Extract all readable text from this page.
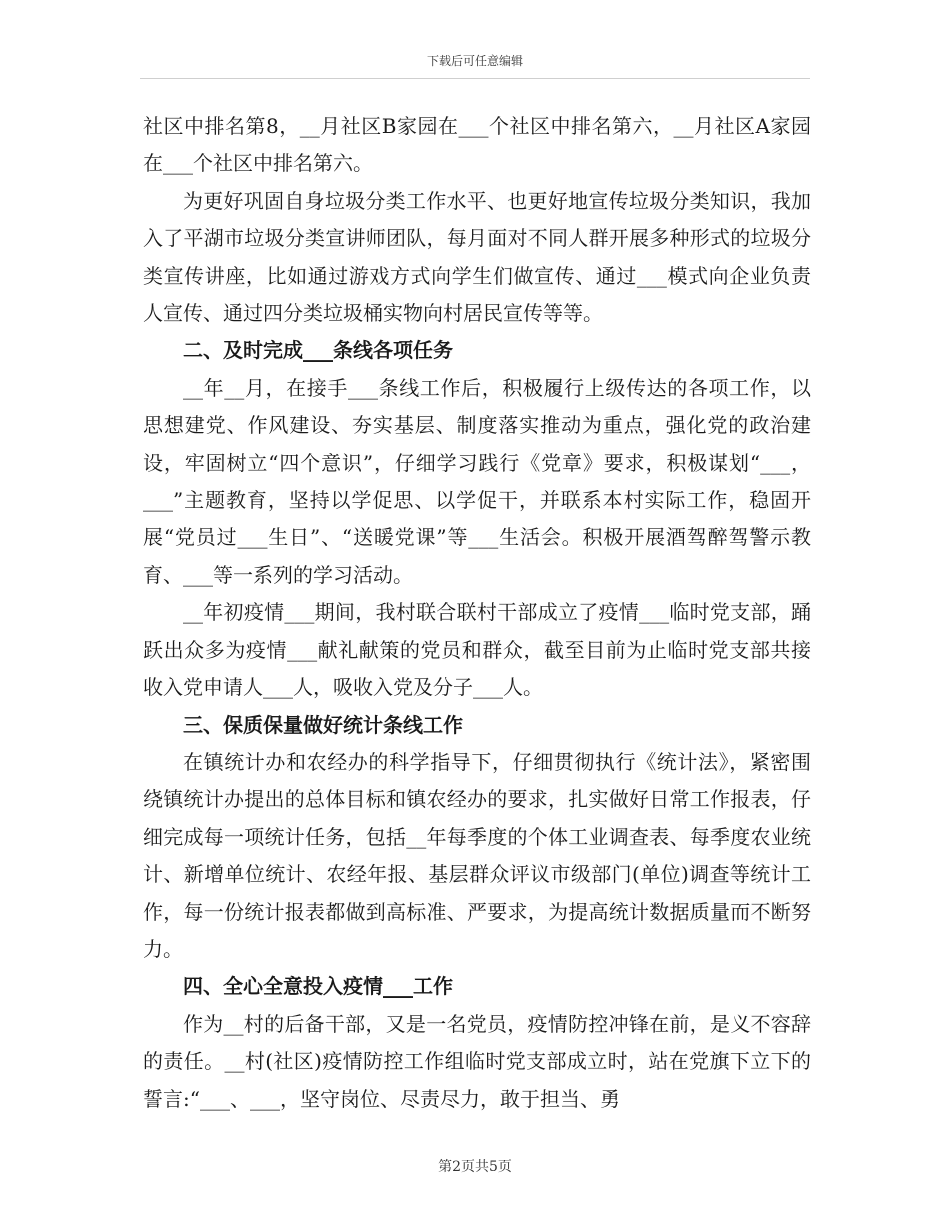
下载后可任意编辑

社区中排名第8，__月社区B家园在___个社区中排名第六，__月社区A家园在___个社区中排名第六。

为更好巩固自身垃圾分类工作水平、也更好地宣传垃圾分类知识，我加入了平湖市垃圾分类宣讲师团队，每月面对不同人群开展多种形式的垃圾分类宣传讲座，比如通过游戏方式向学生们做宣传、通过___模式向企业负责人宣传、通过四分类垃圾桶实物向村居民宣传等等。

二、及时完成___条线各项任务

__年__月，在接手___条线工作后，积极履行上级传达的各项工作，以思想建党、作风建设、夯实基层、制度落实推动为重点，强化党的政治建设，牢固树立“四个意识”，仔细学习践行《党章》要求，积极谋划“___，___”主题教育，坚持以学促思、以学促干，并联系本村实际工作，稳固开展“党员过___生日”、“送暖党课”等___生活会。积极开展酒驾醉驾警示教育、___等一系列的学习活动。

__年初疫情___期间，我村联合联村干部成立了疫情___临时党支部，踊跃出众多为疫情___献礼献策的党员和群众，截至目前为止临时党支部共接收入党申请人___人，吸收入党及分子___人。

三、保质保量做好统计条线工作

在镇统计办和农经办的科学指导下，仔细贯彻执行《统计法》，紧密围绕镇统计办提出的总体目标和镇农经办的要求，扎实做好日常工作报表，仔细完成每一项统计任务，包括__年每季度的个体工业调查表、每季度农业统计、新增单位统计、农经年报、基层群众评议市级部门(单位)调查等统计工作，每一份统计报表都做到高标准、严要求，为提高统计数据质量而不断努力。

四、全心全意投入疫情___工作

作为__村的后备干部，又是一名党员，疫情防控冲锋在前，是义不容辞的责任。__村(社区)疫情防控工作组临时党支部成立时，站在党旗下立下的誓言:“___、___，坚守岗位、尽责尽力，敢于担当、勇

第2页共5页
